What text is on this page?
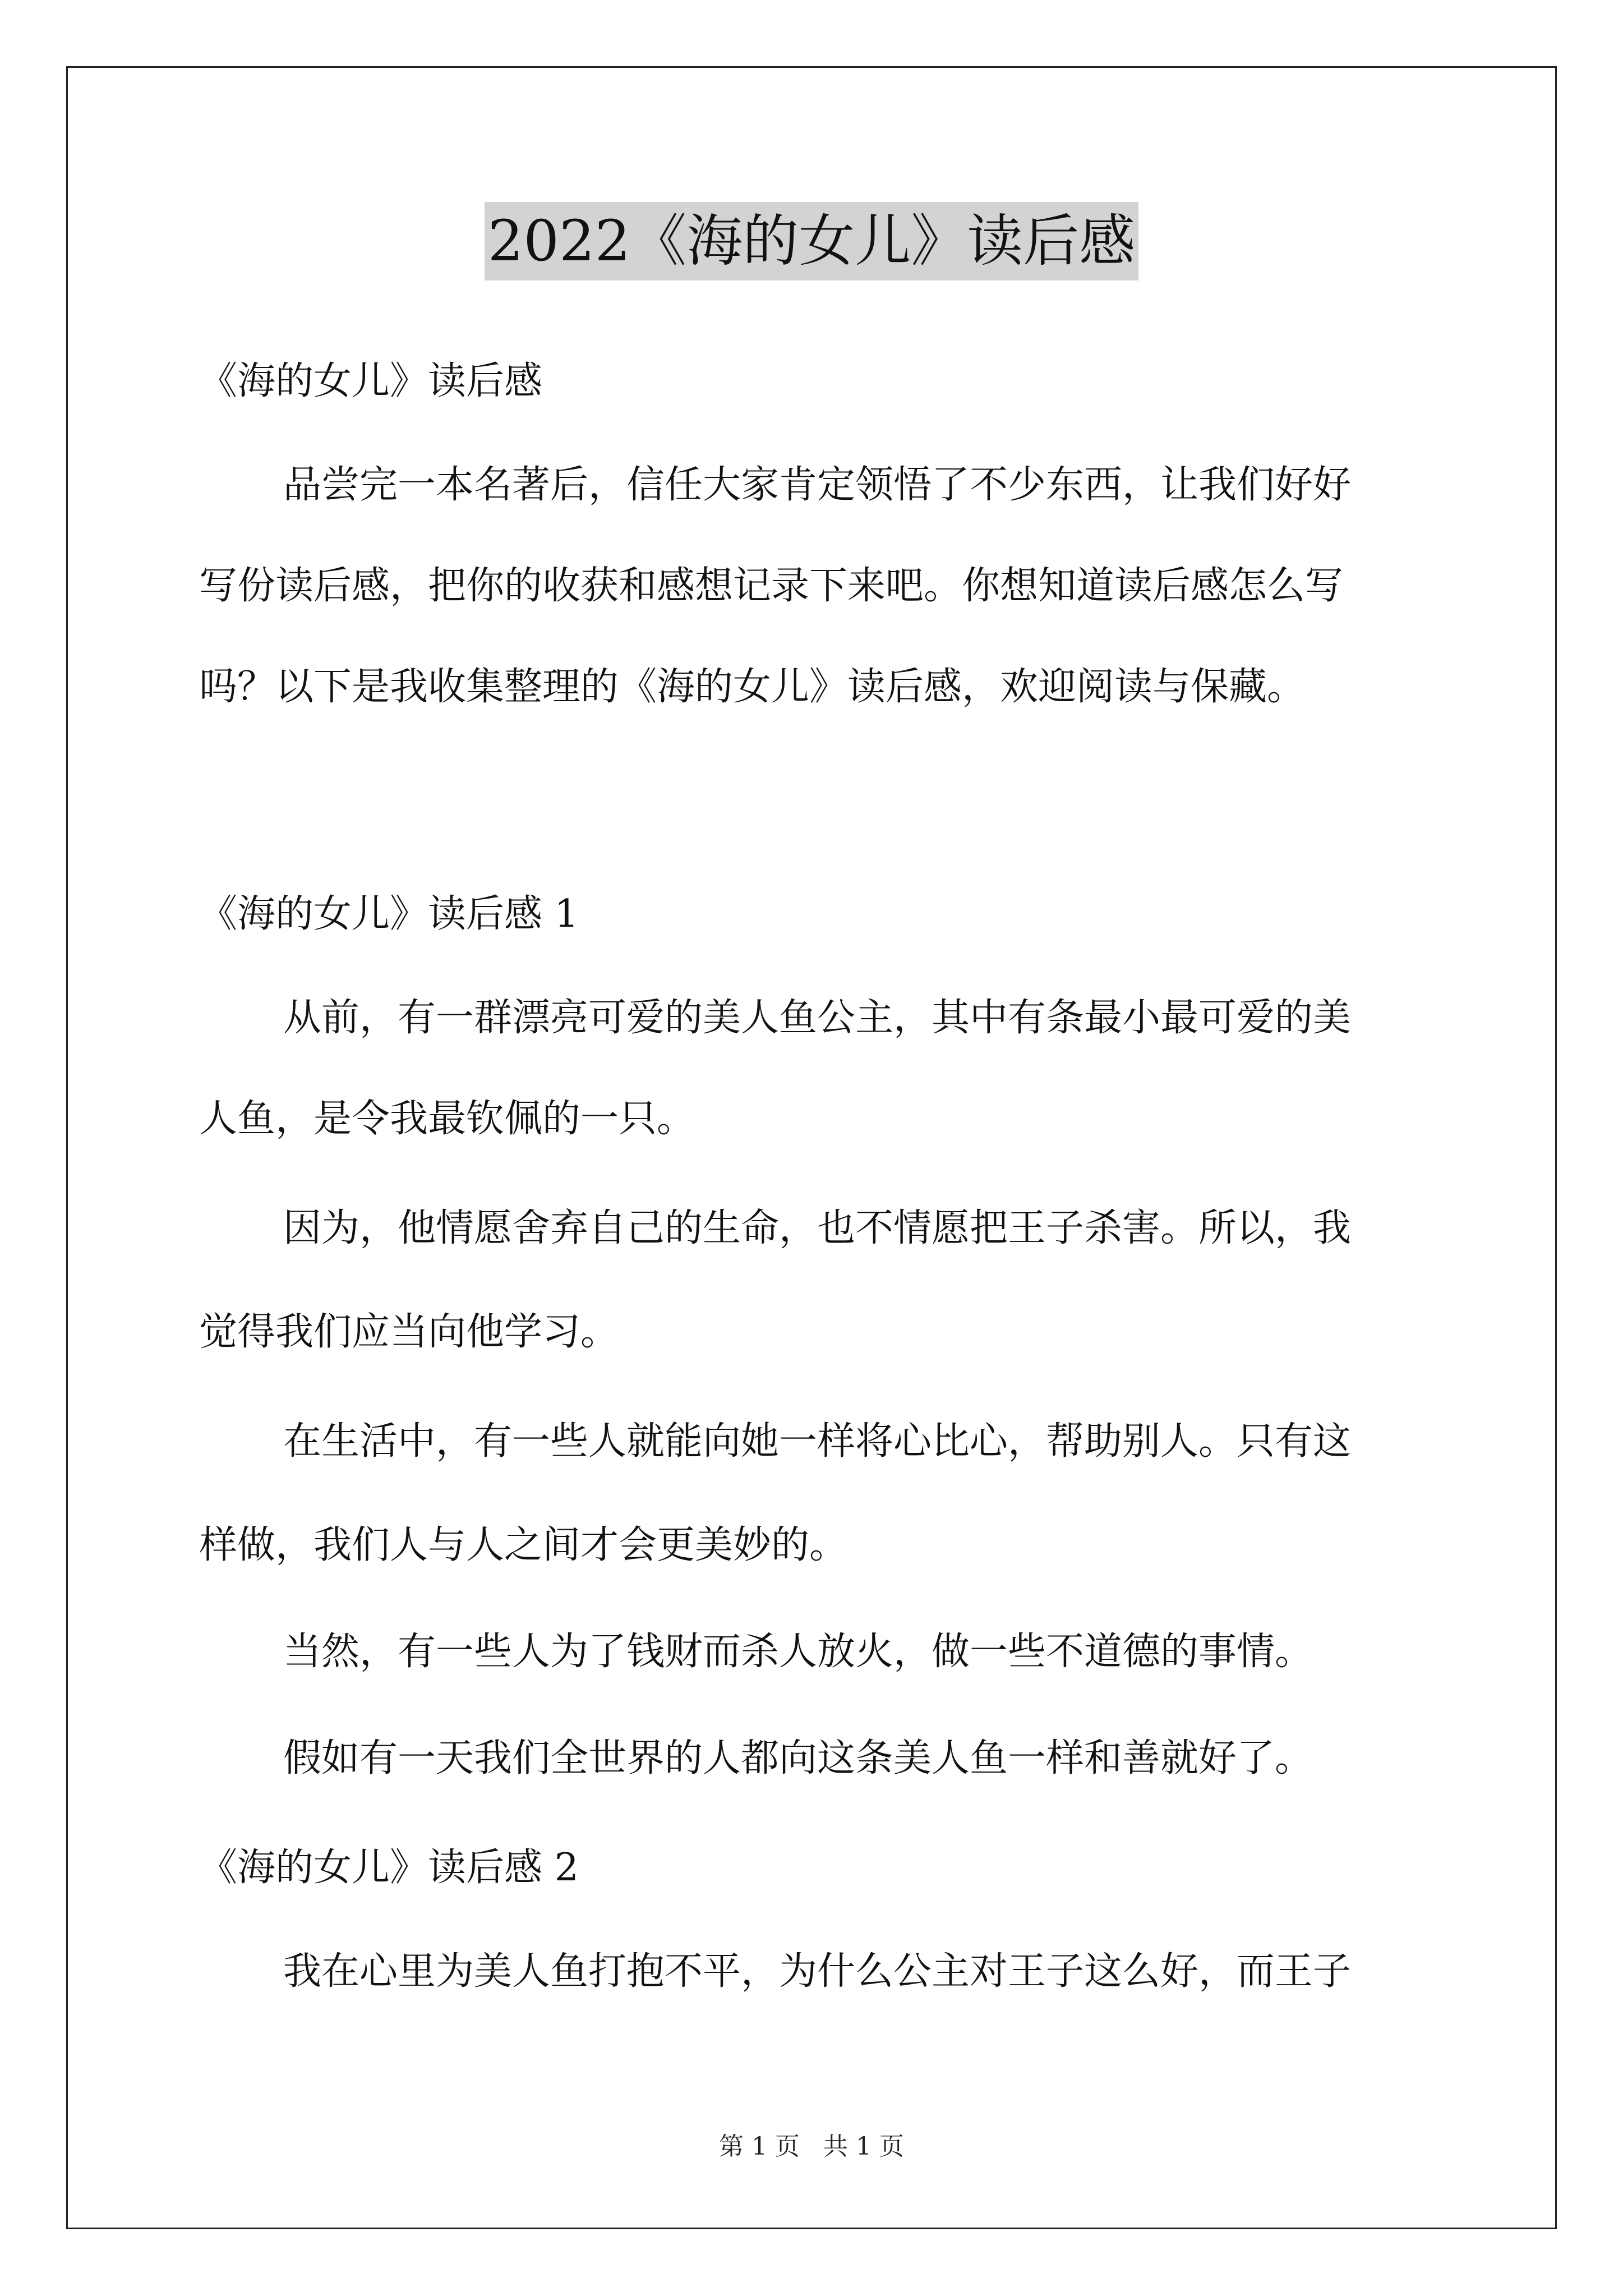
2022《海的女儿》读后感
《海的女儿》读后感
品尝完一本名著后，信任大家肯定领悟了不少东西，让我们好好
写份读后感，把你的收获和感想记录下来吧。你想知道读后感怎么写
吗？以下是我收集整理的《海的女儿》读后感，欢迎阅读与保藏。
《海的女儿》读后感 1
从前，有一群漂亮可爱的美人鱼公主，其中有条最小最可爱的美
人鱼，是令我最钦佩的一只。
因为，他情愿舍弃自己的生命，也不情愿把王子杀害。所以，我
觉得我们应当向他学习。
在生活中，有一些人就能向她一样将心比心，帮助别人。只有这
样做，我们人与人之间才会更美妙的。
当然，有一些人为了钱财而杀人放火，做一些不道德的事情。
假如有一天我们全世界的人都向这条美人鱼一样和善就好了。
《海的女儿》读后感 2
我在心里为美人鱼打抱不平，为什么公主对王子这么好，而王子
第 1 页 共 1 页
